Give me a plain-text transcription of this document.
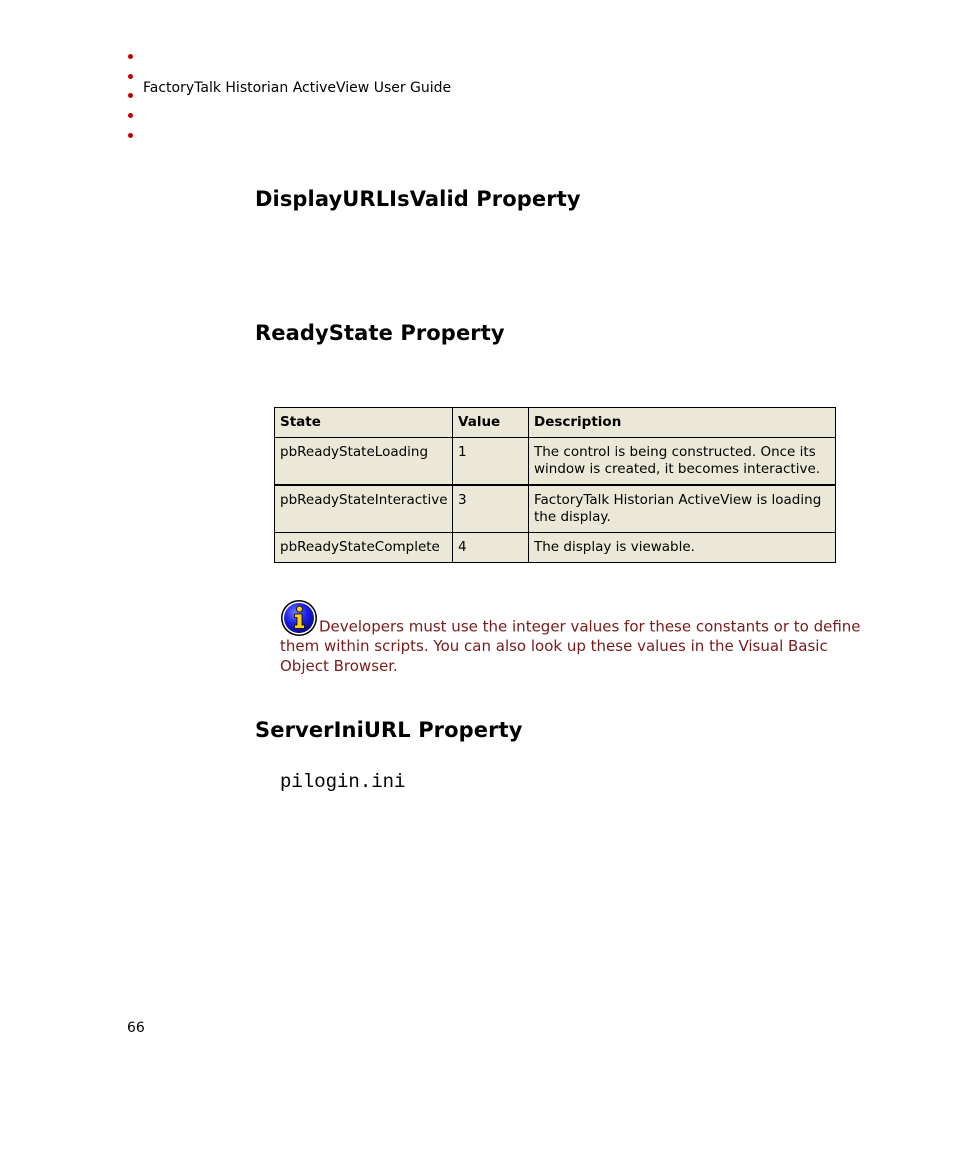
FactoryTalk Historian ActiveView User Guide
DisplayURLIsValid Property
ReadyState Property
State	Value	Description
pbReadyStateLoading	1	The control is being constructed. Once its window is created, it becomes interactive.
pbReadyStateInteractive	3	FactoryTalk Historian ActiveView is loading the display.
pbReadyStateComplete	4	The display is viewable.
Developers must use the integer values for these constants or to define them within scripts. You can also look up these values in the Visual Basic Object Browser.
ServerIniURL Property
pilogin.ini
66
